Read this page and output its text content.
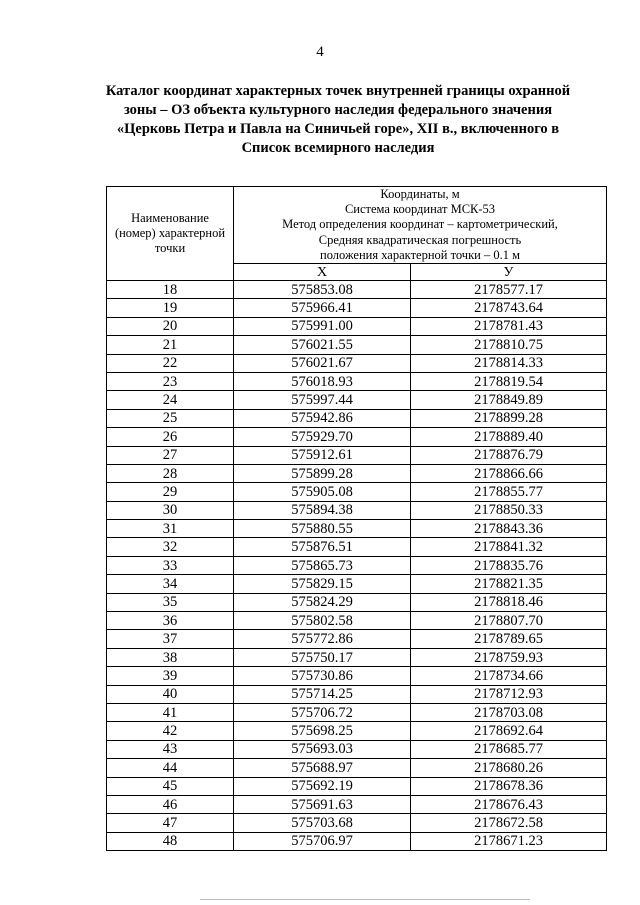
4
Каталог координат характерных точек внутренней границы охранной
зоны – ОЗ объекта культурного наследия федерального значения
«Церковь Петра и Павла на Синичьей горе», XII в., включенного в
Список всемирного наследия
Наименование
(номер) характерной
точки	Координаты, м
Система координат МСК-53
Метод определения координат – картометрический,
Средняя квадратическая погрешность
положения характерной точки – 0.1 м	

	Х	У
18	575853.08	2178577.17
19	575966.41	2178743.64
20	575991.00	2178781.43
21	576021.55	2178810.75
22	576021.67	2178814.33
23	576018.93	2178819.54
24	575997.44	2178849.89
25	575942.86	2178899.28
26	575929.70	2178889.40
27	575912.61	2178876.79
28	575899.28	2178866.66
29	575905.08	2178855.77
30	575894.38	2178850.33
31	575880.55	2178843.36
32	575876.51	2178841.32
33	575865.73	2178835.76
34	575829.15	2178821.35
35	575824.29	2178818.46
36	575802.58	2178807.70
37	575772.86	2178789.65
38	575750.17	2178759.93
39	575730.86	2178734.66
40	575714.25	2178712.93
41	575706.72	2178703.08
42	575698.25	2178692.64
43	575693.03	2178685.77
44	575688.97	2178680.26
45	575692.19	2178678.36
46	575691.63	2178676.43
47	575703.68	2178672.58
48	575706.97	2178671.23
